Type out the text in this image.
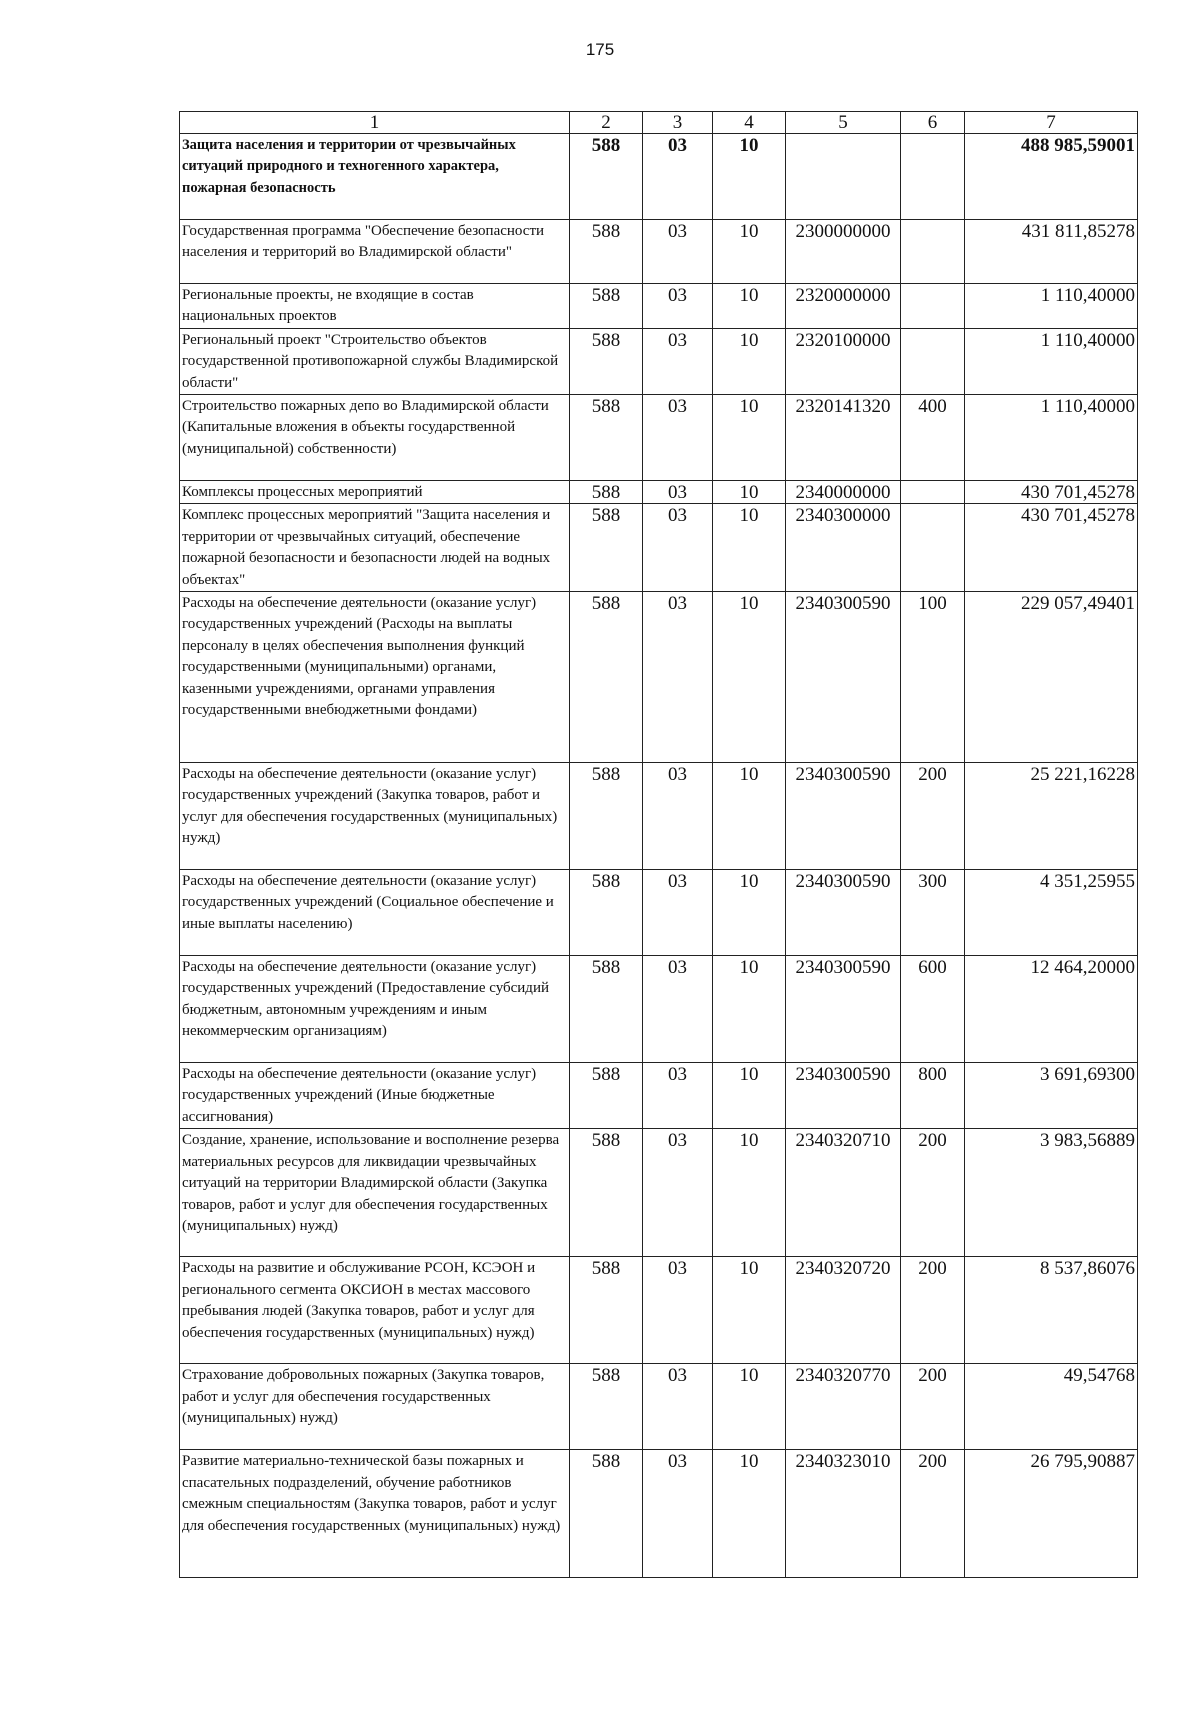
175
1	2	3	4	5	6	7
Защита населения и территории от чрезвычайных ситуаций природного и техногенного характера, пожарная безопасность	588	03	10			488 985,59001
Государственная программа "Обеспечение безопасности населения и территорий во Владимирской области"	588	03	10	2300000000		431 811,85278
Региональные проекты, не входящие в состав национальных проектов	588	03	10	2320000000		1 110,40000
Региональный проект "Строительство объектов государственной противопожарной службы Владимирской области"	588	03	10	2320100000		1 110,40000
Строительство пожарных депо во Владимирской области (Капитальные вложения в объекты государственной (муниципальной) собственности)	588	03	10	2320141320	400	1 110,40000
Комплексы процессных мероприятий	588	03	10	2340000000		430 701,45278
Комплекс процессных мероприятий "Защита населения и территории от чрезвычайных ситуаций, обеспечение пожарной безопасности и безопасности людей на водных объектах"	588	03	10	2340300000		430 701,45278
Расходы на обеспечение деятельности (оказание услуг) государственных учреждений (Расходы на выплаты персоналу в целях обеспечения выполнения функций государственными (муниципальными) органами, казенными учреждениями, органами управления государственными внебюджетными фондами)	588	03	10	2340300590	100	229 057,49401
Расходы на обеспечение деятельности (оказание услуг) государственных учреждений (Закупка товаров, работ и услуг для обеспечения государственных (муниципальных) нужд)	588	03	10	2340300590	200	25 221,16228
Расходы на обеспечение деятельности (оказание услуг) государственных учреждений (Социальное обеспечение и иные выплаты населению)	588	03	10	2340300590	300	4 351,25955
Расходы на обеспечение деятельности (оказание услуг) государственных учреждений (Предоставление субсидий бюджетным, автономным учреждениям и иным некоммерческим организациям)	588	03	10	2340300590	600	12 464,20000
Расходы на обеспечение деятельности (оказание услуг) государственных учреждений (Иные бюджетные ассигнования)	588	03	10	2340300590	800	3 691,69300
Создание, хранение, использование и восполнение резерва материальных ресурсов для ликвидации чрезвычайных ситуаций на территории Владимирской области (Закупка товаров, работ и услуг для обеспечения государственных (муниципальных) нужд)	588	03	10	2340320710	200	3 983,56889
Расходы на развитие и обслуживание РСОН, КСЭОН и регионального сегмента ОКСИОН в местах массового пребывания людей (Закупка товаров, работ и услуг для обеспечения государственных (муниципальных) нужд)	588	03	10	2340320720	200	8 537,86076
Страхование добровольных пожарных (Закупка товаров, работ и услуг для обеспечения государственных (муниципальных) нужд)	588	03	10	2340320770	200	49,54768
Развитие материально-технической базы пожарных и спасательных подразделений, обучение работников смежным специальностям (Закупка товаров, работ и услуг для обеспечения государственных (муниципальных) нужд)	588	03	10	2340323010	200	26 795,90887
